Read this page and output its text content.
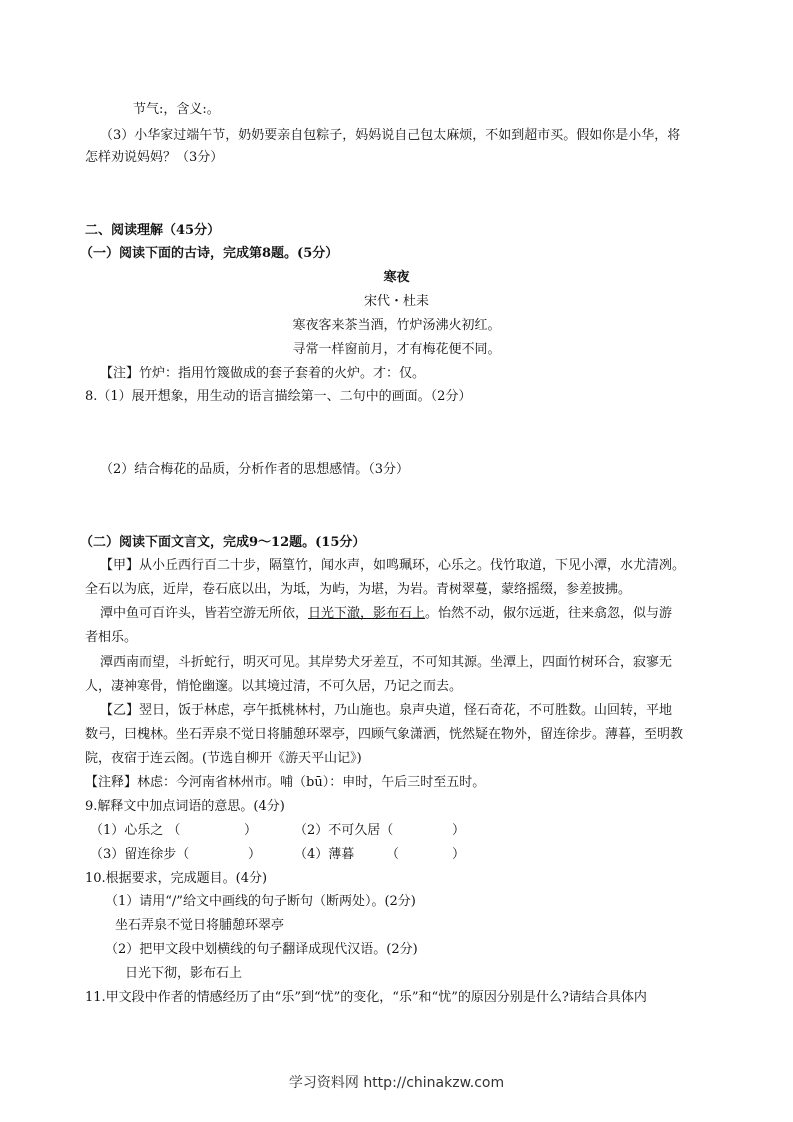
节气:，含义:。
（3）小华家过端午节，奶奶要亲自包粽子，妈妈说自己包太麻烦，不如到超市买。假如你是小华，将
怎样劝说妈妈？（3分）
二、阅读理解（45分）
（一）阅读下面的古诗，完成第8题。(5分）
寒夜
宋代・杜耒
寒夜客来茶当酒，竹炉汤沸火初红。
寻常一样窗前月，才有梅花便不同。
【注】竹炉：指用竹篾做成的套子套着的火炉。才：仅。
8.（1）展开想象，用生动的语言描绘第一、二句中的画面。（2分）
（2）结合梅花的品质，分析作者的思想感情。（3分）
（二）阅读下面文言文，完成9～12题。(15分）
【甲】从小丘西行百二十步，隔篁竹，闻水声，如鸣珮环，心乐之。伐竹取道，下见小潭，水尤清冽。
全石以为底，近岸，卷石底以出，为坻，为屿，为堪，为岩。青树翠蔓，蒙络摇缀，参差披拂。
潭中鱼可百许头，皆若空游无所依，日光下澈，影布石上。怡然不动，俶尔远逝，往来翕忽，似与游
者相乐。
潭西南而望，斗折蛇行，明灭可见。其岸势犬牙差互，不可知其源。坐潭上，四面竹树环合，寂寥无
人，凄神寒骨，悄怆幽邃。以其境过清，不可久居，乃记之而去。
【乙】翌日，饭于林虑，亭午抵桃林村，乃山施也。泉声央道，怪石奇花，不可胜数。山回转，平地
数弓，曰槐林。坐石弄泉不觉日将脯憩环翠亭，四顾气象潇洒，恍然疑在物外，留连徐步。薄暮，至明教
院，夜宿于连云阁。(节选自柳开《游天平山记》)
【注释】林虑：今河南省林州市。哺（bū）：申时，午后三时至五时。
9.解释文中加点词语的意思。(4分)
（1）心乐之 （	）	（2）不可久居（	）
（3）留连徐步（	）	（4）薄暮 （	）
10.根据要求，完成题目。(4分)
（1）请用“/”给文中画线的句子断句（断两处）。(2分)
坐石弄泉不觉日将脯憩环翠亭
（2）把甲文段中划横线的句子翻译成现代汉语。(2分)
日光下彻，影布石上
11.甲文段中作者的情感经历了由“乐”到“忧”的变化，“乐”和“忧”的原因分别是什么?请结合具体内
学习资料网 http://chinakzw.com
